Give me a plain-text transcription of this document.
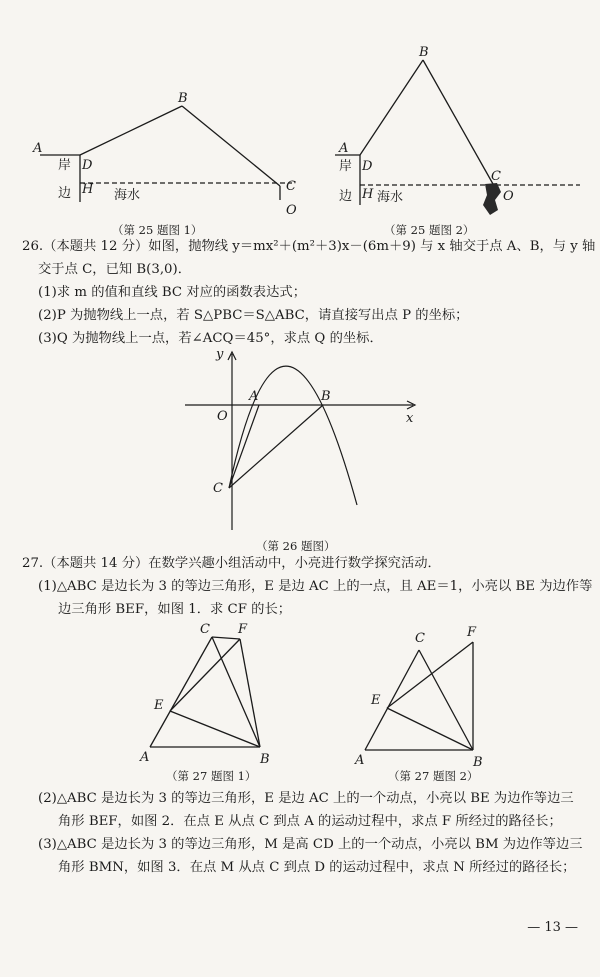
A
B
D
H	C
O
岸
边	海水
（第 25 题图 1）
A
B
D
H
C
O
岸
边 海水
（第 25 题图 2）
26.（本题共 12 分）如图，抛物线 y＝mx²＋(m²＋3)x－(6m＋9) 与 x 轴交于点 A、B，与 y 轴
交于点 C，已知 B(3,0)．
(1)求 m 的值和直线 BC 对应的函数表达式；
(2)P 为抛物线上一点，若 S△PBC＝S△ABC，请直接写出点 P 的坐标；
(3)Q 为抛物线上一点，若∠ACQ＝45°，求点 Q 的坐标．
y
x
O
A	B
C
（第 26 题图）
27.（本题共 14 分）在数学兴趣小组活动中，小亮进行数学探究活动．
(1)△ABC 是边长为 3 的等边三角形，E 是边 AC 上的一点，且 AE＝1，小亮以 BE 为边作等
边三角形 BEF，如图 1．求 CF 的长；
C F
E
A	B
（第 27 题图 1）
C	F
E
A	B
（第 27 题图 2）
(2)△ABC 是边长为 3 的等边三角形，E 是边 AC 上的一个动点，小亮以 BE 为边作等边三
角形 BEF，如图 2．在点 E 从点 C 到点 A 的运动过程中，求点 F 所经过的路径长；
(3)△ABC 是边长为 3 的等边三角形，M 是高 CD 上的一个动点，小亮以 BM 为边作等边三
角形 BMN，如图 3．在点 M 从点 C 到点 D 的运动过程中，求点 N 所经过的路径长；
— 13 —
